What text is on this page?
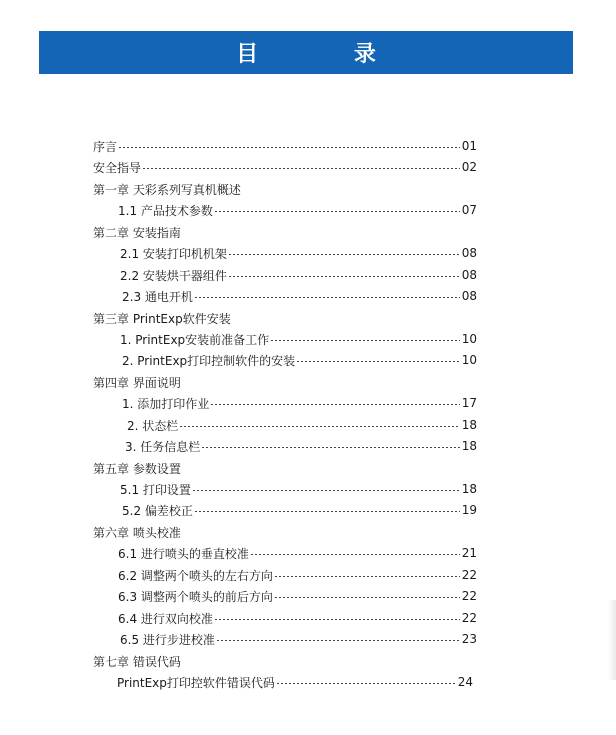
目 录
序言	01
安全指导	02
第一章 天彩系列写真机概述
1.1 产品技术参数	07
第二章 安装指南
2.1 安装打印机机架	08
2.2 安装烘干器组件	08
2.3 通电开机	08
第三章 PrintExp软件安装
1. PrintExp安装前准备工作	10
2. PrintExp打印控制软件的安装	10
第四章 界面说明
1. 添加打印作业	17
2. 状态栏	18
3. 任务信息栏	18
第五章 参数设置
5.1 打印设置	18
5.2 偏差校正	19
第六章 喷头校准
6.1 进行喷头的垂直校准	21
6.2 调整两个喷头的左右方向	22
6.3 调整两个喷头的前后方向	22
6.4 进行双向校准	22
6.5 进行步进校准	23
第七章 错误代码
PrintExp打印控软件错误代码	24
